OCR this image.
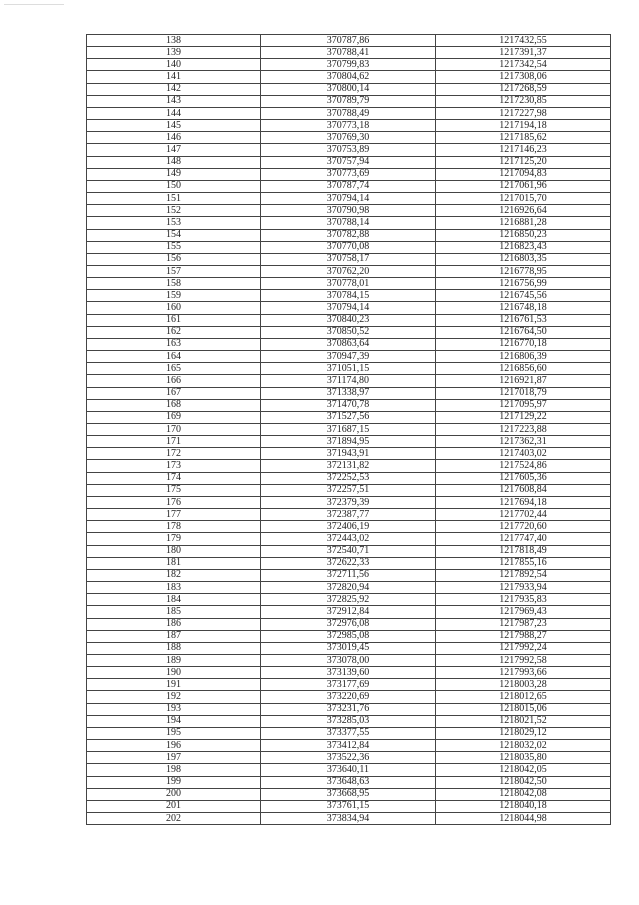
138	370787,86	1217432,55
139	370788,41	1217391,37
140	370799,83	1217342,54
141	370804,62	1217308,06
142	370800,14	1217268,59
143	370789,79	1217230,85
144	370788,49	1217227,98
145	370773,18	1217194,18
146	370769,30	1217185,62
147	370753,89	1217146,23
148	370757,94	1217125,20
149	370773,69	1217094,83
150	370787,74	1217061,96
151	370794,14	1217015,70
152	370790,98	1216926,64
153	370788,14	1216881,28
154	370782,88	1216850,23
155	370770,08	1216823,43
156	370758,17	1216803,35
157	370762,20	1216778,95
158	370778,01	1216756,99
159	370784,15	1216745,56
160	370794,14	1216748,18
161	370840,23	1216761,53
162	370850,52	1216764,50
163	370863,64	1216770,18
164	370947,39	1216806,39
165	371051,15	1216856,60
166	371174,80	1216921,87
167	371338,97	1217018,79
168	371470,78	1217095,97
169	371527,56	1217129,22
170	371687,15	1217223,88
171	371894,95	1217362,31
172	371943,91	1217403,02
173	372131,82	1217524,86
174	372252,53	1217605,36
175	372257,51	1217608,84
176	372379,39	1217694,18
177	372387,77	1217702,44
178	372406,19	1217720,60
179	372443,02	1217747,40
180	372540,71	1217818,49
181	372622,33	1217855,16
182	372711,56	1217892,54
183	372820,94	1217933,94
184	372825,92	1217935,83
185	372912,84	1217969,43
186	372976,08	1217987,23
187	372985,08	1217988,27
188	373019,45	1217992,24
189	373078,00	1217992,58
190	373139,60	1217993,66
191	373177,69	1218003,28
192	373220,69	1218012,65
193	373231,76	1218015,06
194	373285,03	1218021,52
195	373377,55	1218029,12
196	373412,84	1218032,02
197	373522,36	1218035,80
198	373640,11	1218042,05
199	373648,63	1218042,50
200	373668,95	1218042,08
201	373761,15	1218040,18
202	373834,94	1218044,98
